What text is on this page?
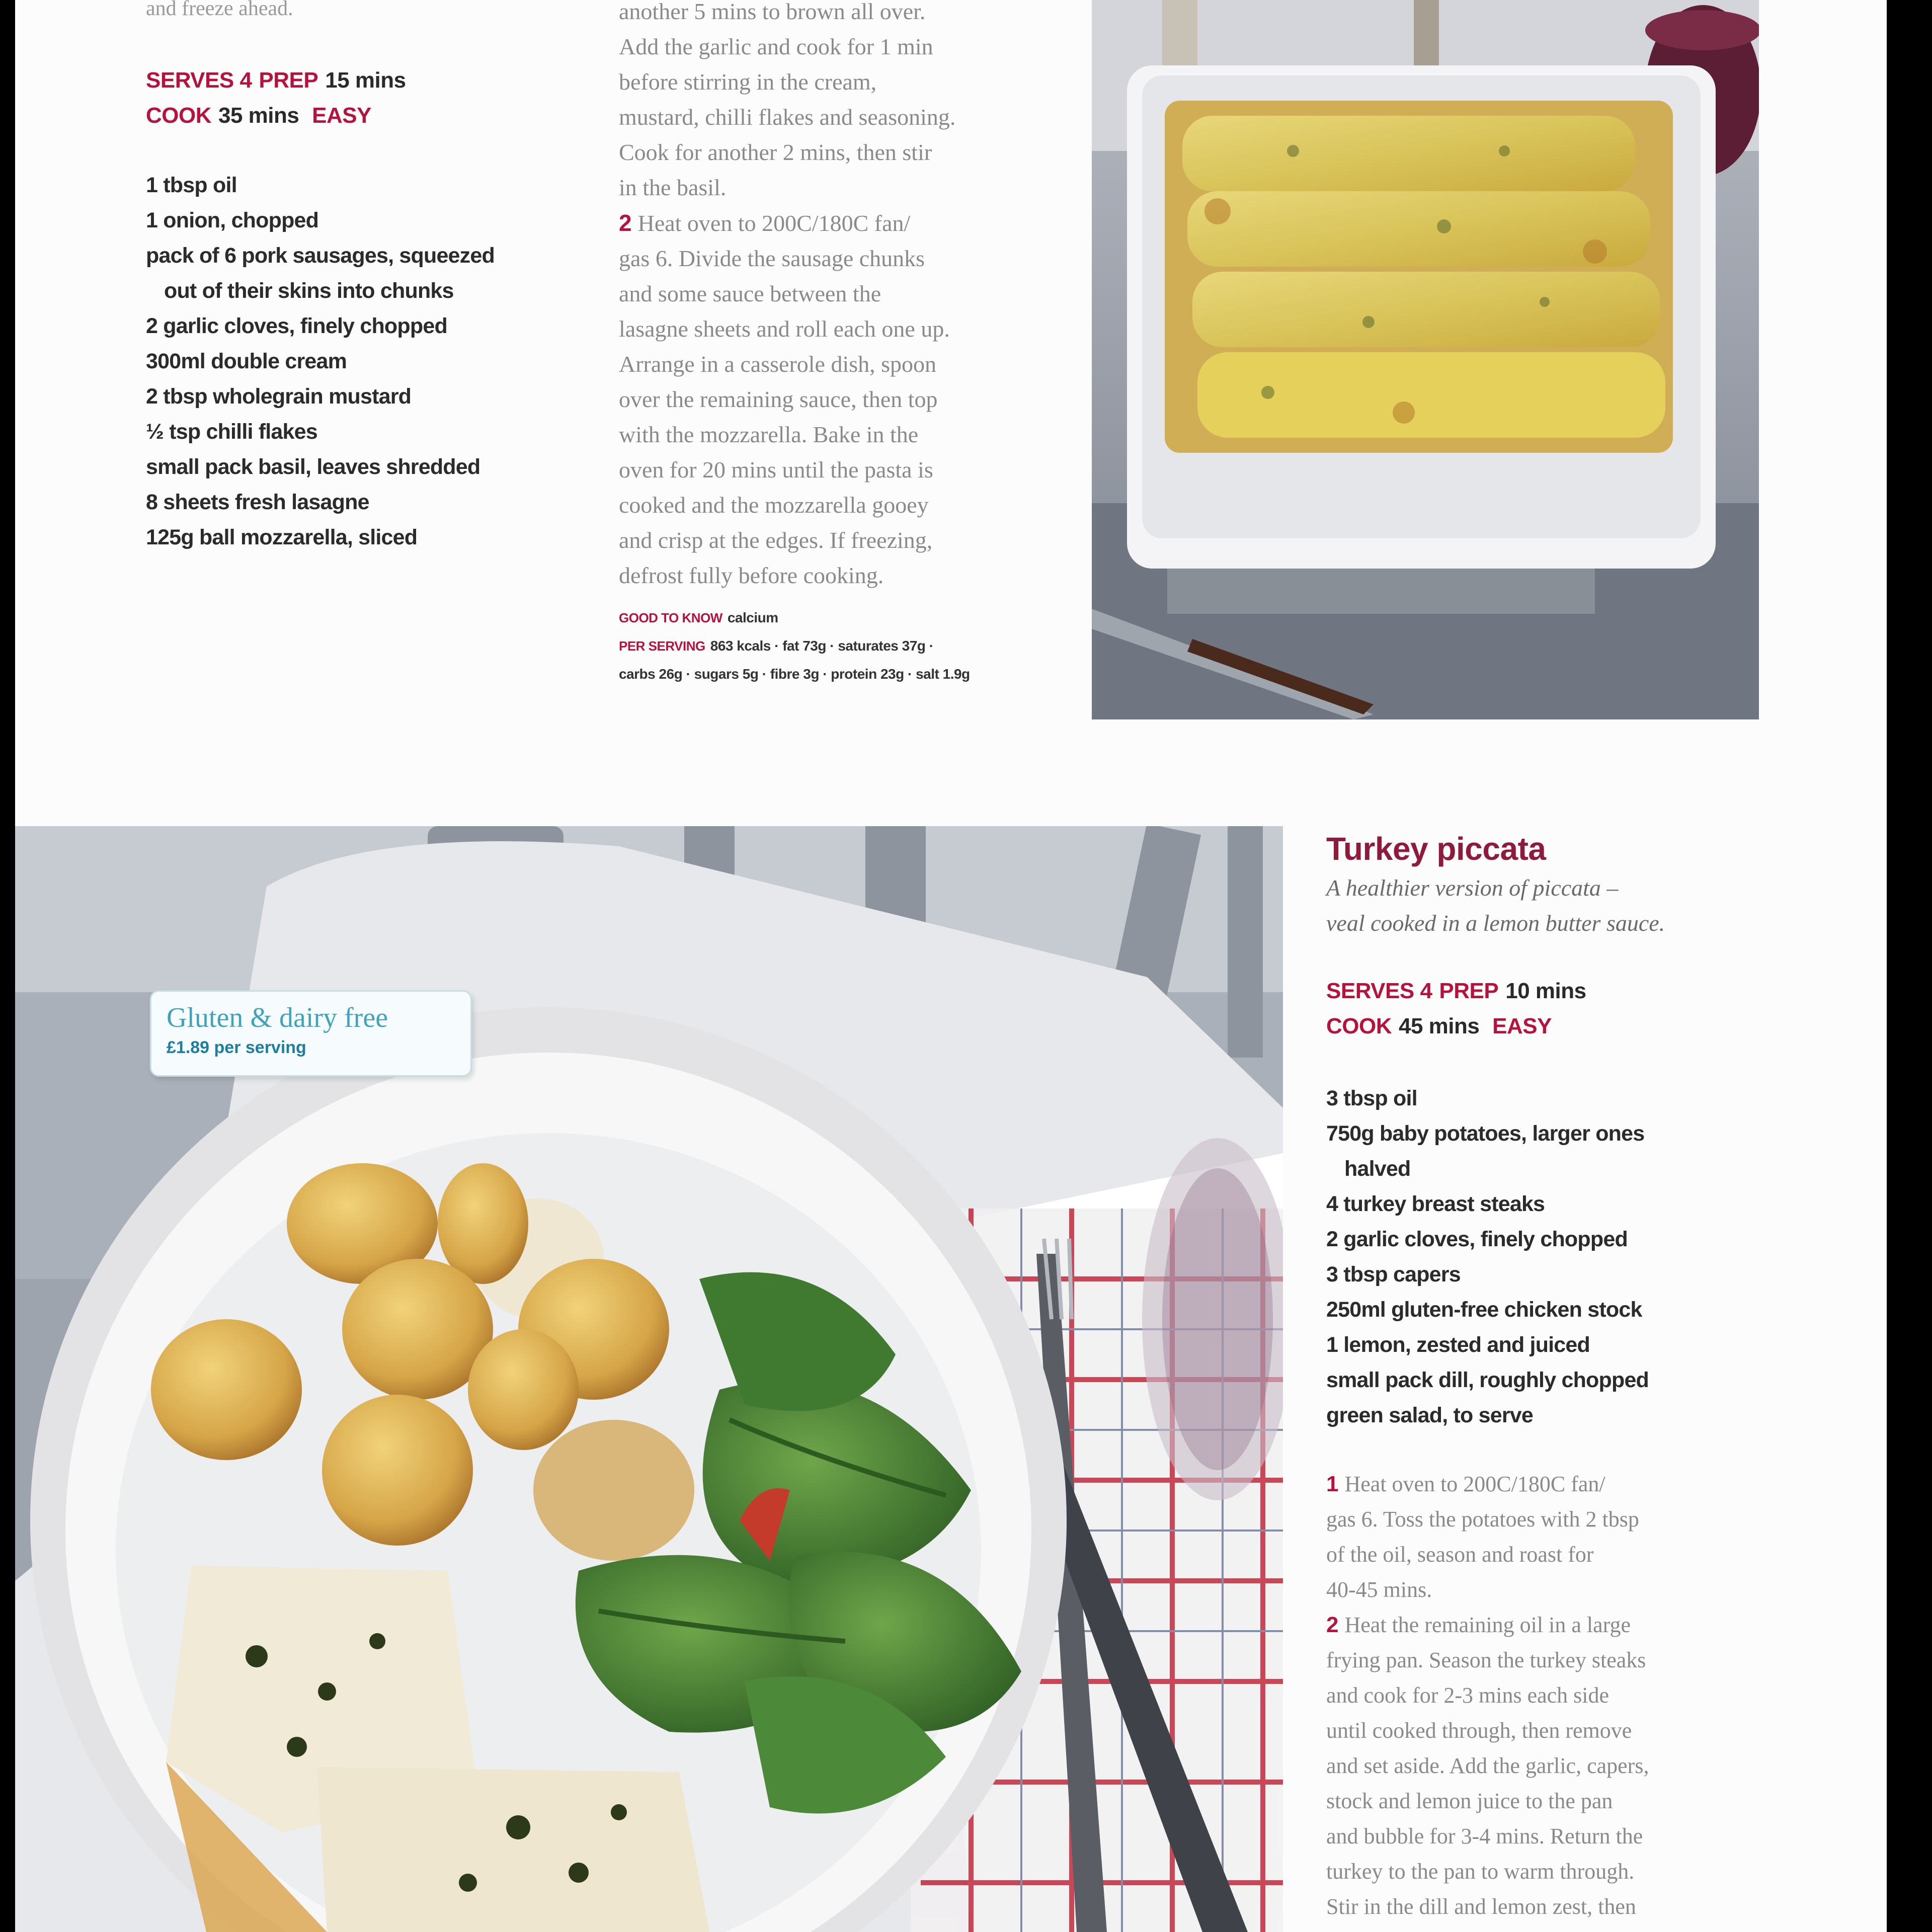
and freeze ahead.
SERVES 4 PREP 15 mins
COOK 35 mins EASY
1 tbsp oil
1 onion, chopped
pack of 6 pork sausages, squeezed
out of their skins into chunks
2 garlic cloves, finely chopped
300ml double cream
2 tbsp wholegrain mustard
½ tsp chilli flakes
small pack basil, leaves shredded
8 sheets fresh lasagne
125g ball mozzarella, sliced
another 5 mins to brown all over.
Add the garlic and cook for 1 min
before stirring in the cream,
mustard, chilli flakes and seasoning.
Cook for another 2 mins, then stir
in the basil.
2 Heat oven to 200C/180C fan/
gas 6. Divide the sausage chunks
and some sauce between the
lasagne sheets and roll each one up.
Arrange in a casserole dish, spoon
over the remaining sauce, then top
with the mozzarella. Bake in the
oven for 20 mins until the pasta is
cooked and the mozzarella gooey
and crisp at the edges. If freezing,
defrost fully before cooking.
GOOD TO KNOW calcium
PER SERVING 863 kcals · fat 73g · saturates 37g ·
carbs 26g · sugars 5g · fibre 3g · protein 23g · salt 1.9g
Gluten & dairy free
£1.89 per serving
Turkey piccata
A healthier version of piccata –
veal cooked in a lemon butter sauce.
SERVES 4 PREP 10 mins
COOK 45 mins EASY
3 tbsp oil
750g baby potatoes, larger ones
halved
4 turkey breast steaks
2 garlic cloves, finely chopped
3 tbsp capers
250ml gluten-free chicken stock
1 lemon, zested and juiced
small pack dill, roughly chopped
green salad, to serve
1 Heat oven to 200C/180C fan/
gas 6. Toss the potatoes with 2 tbsp
of the oil, season and roast for
40-45 mins.
2 Heat the remaining oil in a large
frying pan. Season the turkey steaks
and cook for 2-3 mins each side
until cooked through, then remove
and set aside. Add the garlic, capers,
stock and lemon juice to the pan
and bubble for 3-4 mins. Return the
turkey to the pan to warm through.
Stir in the dill and lemon zest, then
